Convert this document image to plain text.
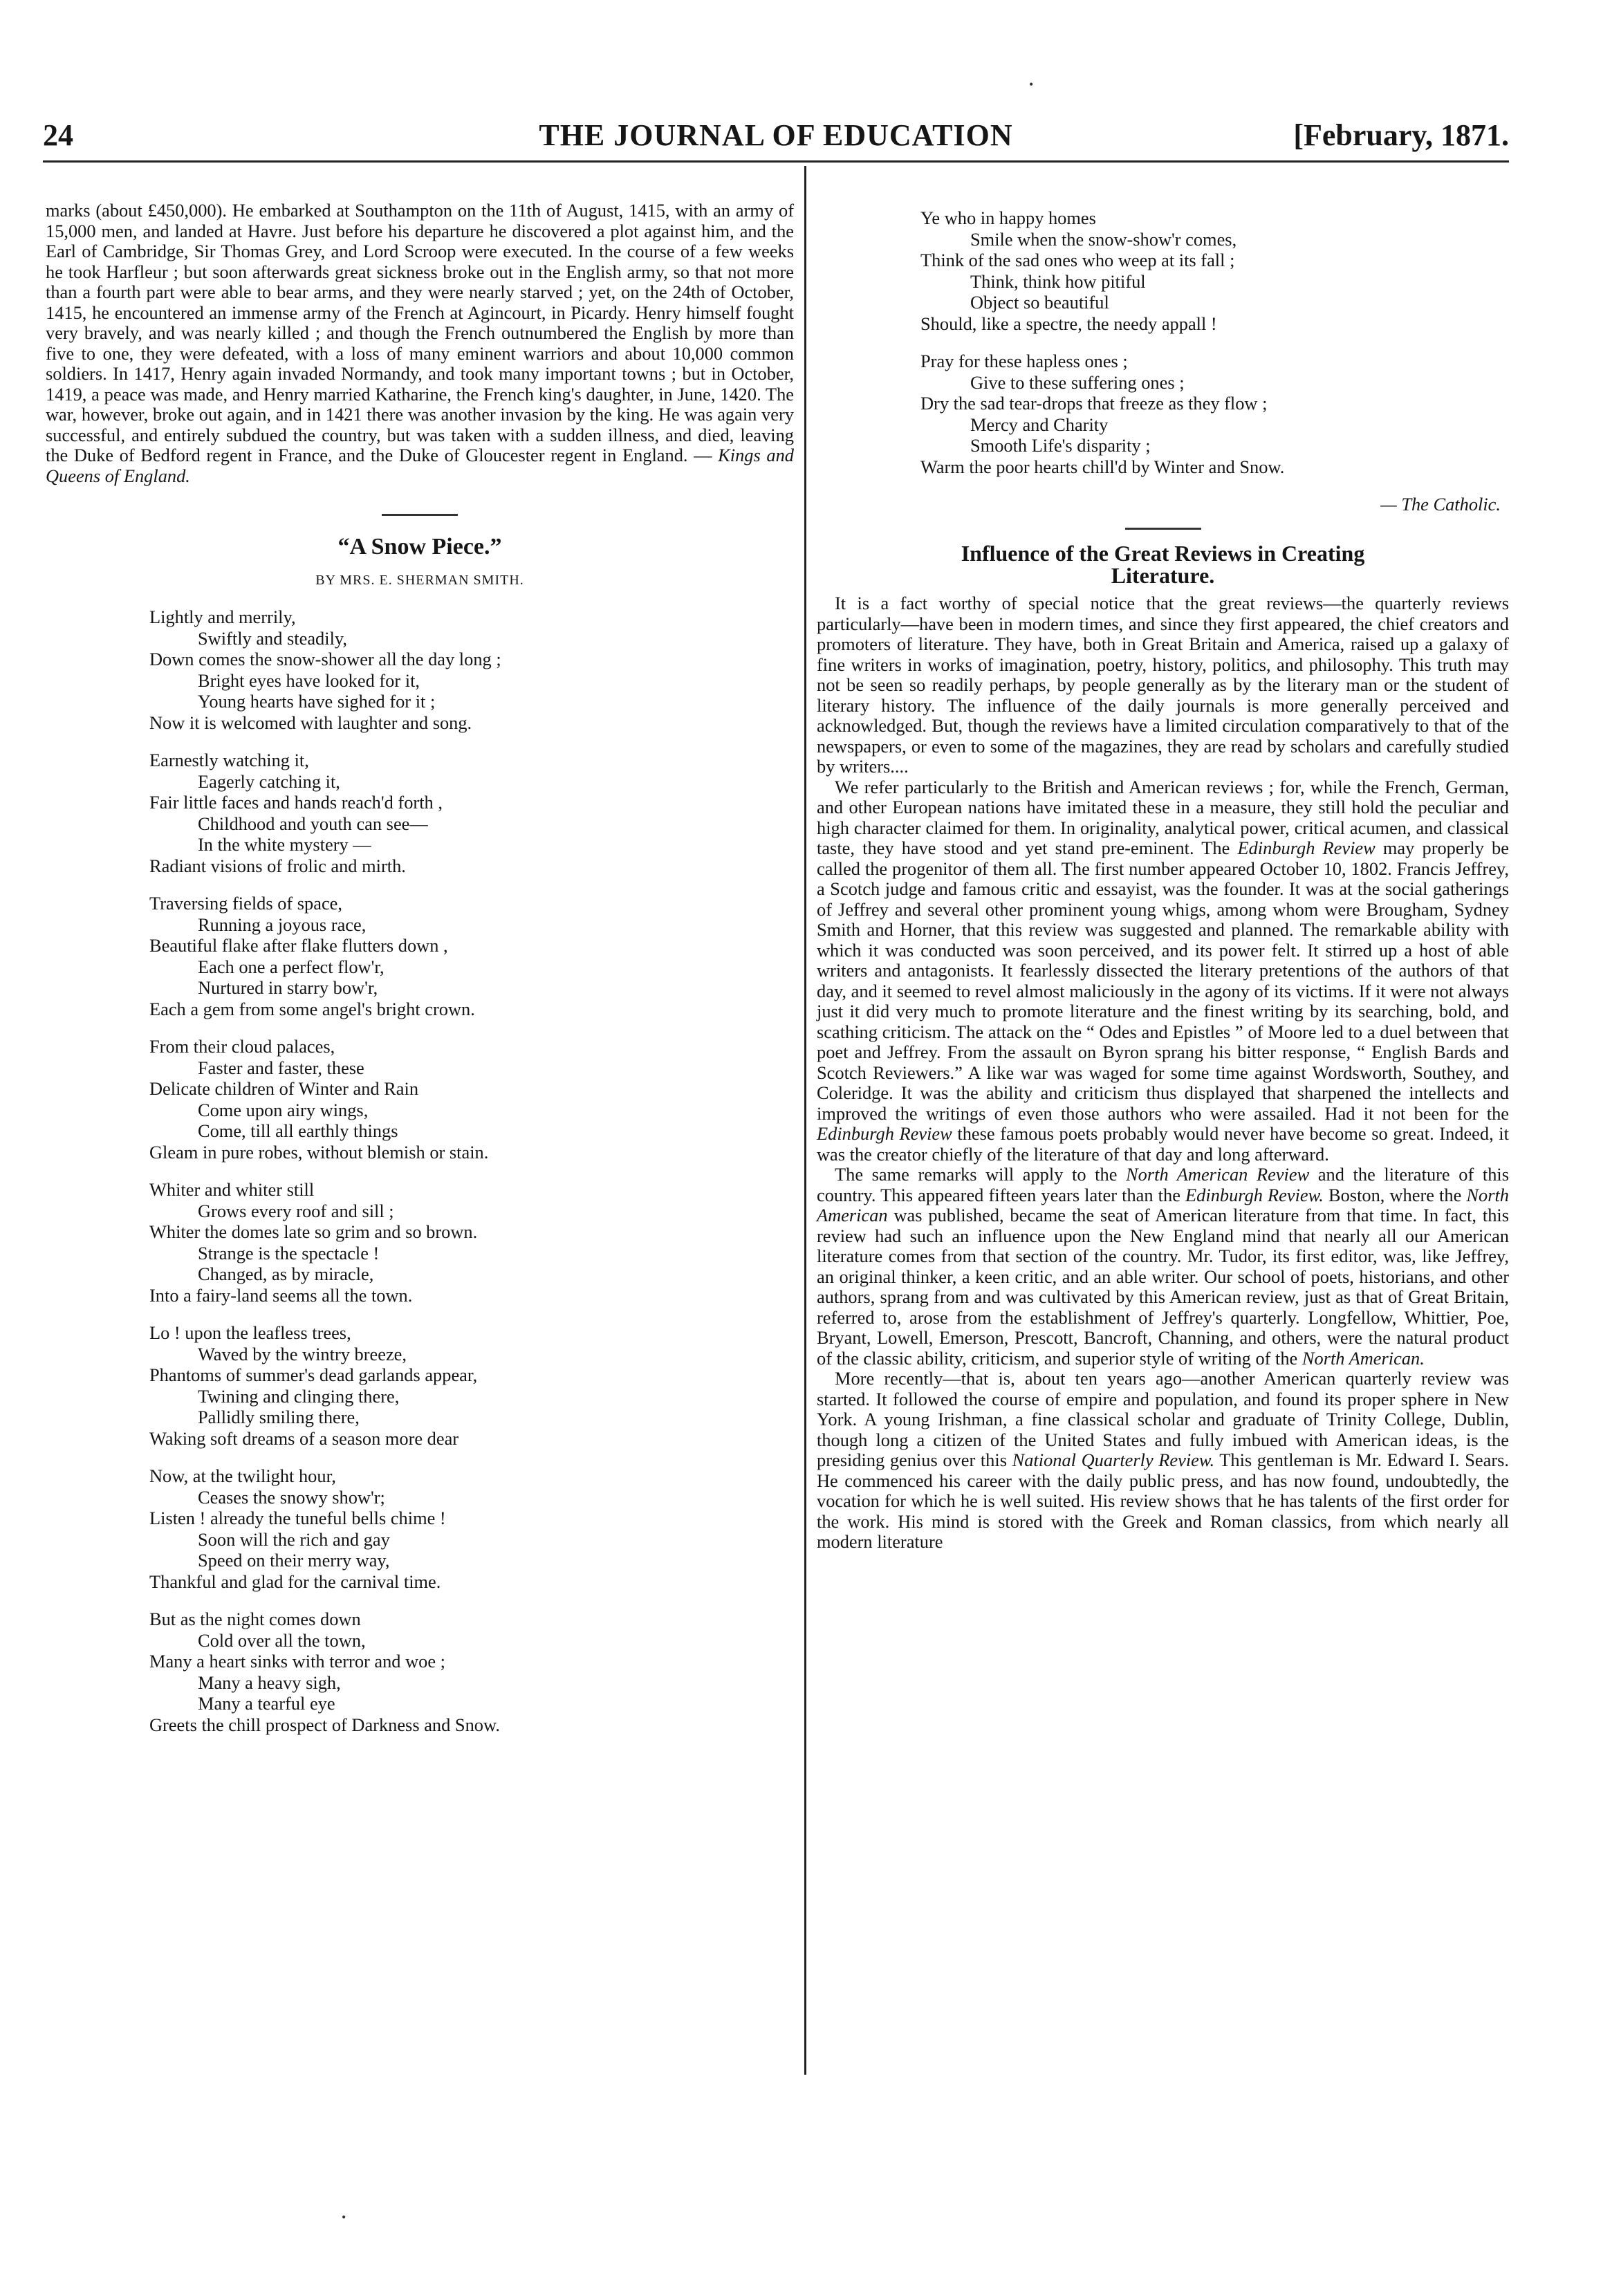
•
24	THE JOURNAL OF EDUCATION	[February, 1871.

marks (about £450,000). He embarked at Southampton on the 11th of August, 1415, with an army of 15,000 men, and landed at Havre. Just before his departure he discovered a plot against him, and the Earl of Cambridge, Sir Thomas Grey, and Lord Scroop were executed. In the course of a few weeks he took Harfleur ; but soon afterwards great sickness broke out in the English army, so that not more than a fourth part were able to bear arms, and they were nearly starved ; yet, on the 24th of October, 1415, he encountered an immense army of the French at Agincourt, in Picardy. Henry himself fought very bravely, and was nearly killed ; and though the French outnumbered the English by more than five to one, they were defeated, with a loss of many eminent warriors and about 10,000 common soldiers. In 1417, Henry again invaded Normandy, and took many important towns ; but in October, 1419, a peace was made, and Henry married Katharine, the French king's daughter, in June, 1420. The war, however, broke out again, and in 1421 there was another invasion by the king. He was again very successful, and entirely subdued the country, but was taken with a sudden illness, and died, leaving the Duke of Bedford regent in France, and the Duke of Gloucester regent in England. — Kings and Queens of England.

“A Snow Piece.”
BY MRS. E. SHERMAN SMITH.
Lightly and merrily,
Swiftly and steadily,
Down comes the snow-shower all the day long ;
Bright eyes have looked for it,
Young hearts have sighed for it ;
Now it is welcomed with laughter and song.
Earnestly watching it,
Eagerly catching it,
Fair little faces and hands reach'd forth ,
Childhood and youth can see—
In the white mystery —
Radiant visions of frolic and mirth.
Traversing fields of space,
Running a joyous race,
Beautiful flake after flake flutters down ,
Each one a perfect flow'r,
Nurtured in starry bow'r,
Each a gem from some angel's bright crown.
From their cloud palaces,
Faster and faster, these
Delicate children of Winter and Rain
Come upon airy wings,
Come, till all earthly things
Gleam in pure robes, without blemish or stain.
Whiter and whiter still
Grows every roof and sill ;
Whiter the domes late so grim and so brown.
Strange is the spectacle !
Changed, as by miracle,
Into a fairy-land seems all the town.
Lo ! upon the leafless trees,
Waved by the wintry breeze,
Phantoms of summer's dead garlands appear,
Twining and clinging there,
Pallidly smiling there,
Waking soft dreams of a season more dear
Now, at the twilight hour,
Ceases the snowy show'r;
Listen ! already the tuneful bells chime !
Soon will the rich and gay
Speed on their merry way,
Thankful and glad for the carnival time.
But as the night comes down
Cold over all the town,
Many a heart sinks with terror and woe ;
Many a heavy sigh,
Many a tearful eye
Greets the chill prospect of Darkness and Snow.
Ye who in happy homes
Smile when the snow-show'r comes,
Think of the sad ones who weep at its fall ;
Think, think how pitiful
Object so beautiful
Should, like a spectre, the needy appall !
Pray for these hapless ones ;
Give to these suffering ones ;
Dry the sad tear-drops that freeze as they flow ;
Mercy and Charity
Smooth Life's disparity ;
Warm the poor hearts chill'd by Winter and Snow.
— The Catholic.
Influence of the Great Reviews in Creating
Literature.

It is a fact worthy of special notice that the great reviews—the quarterly reviews particularly—have been in modern times, and since they first appeared, the chief creators and promoters of literature. They have, both in Great Britain and America, raised up a galaxy of fine writers in works of imagination, poetry, history, politics, and philosophy. This truth may not be seen so readily perhaps, by people generally as by the literary man or the student of literary history. The influence of the daily journals is more generally perceived and acknowledged. But, though the reviews have a limited circulation comparatively to that of the newspapers, or even to some of the magazines, they are read by scholars and carefully studied by writers....

We refer particularly to the British and American reviews ; for, while the French, German, and other European nations have imitated these in a measure, they still hold the peculiar and high character claimed for them. In originality, analytical power, critical acumen, and classical taste, they have stood and yet stand pre-eminent. The Edinburgh Review may properly be called the progenitor of them all. The first number appeared October 10, 1802. Francis Jeffrey, a Scotch judge and famous critic and essayist, was the founder. It was at the social gatherings of Jeffrey and several other prominent young whigs, among whom were Brougham, Sydney Smith and Horner, that this review was suggested and planned. The remarkable ability with which it was conducted was soon perceived, and its power felt. It stirred up a host of able writers and antagonists. It fearlessly dissected the literary pretentions of the authors of that day, and it seemed to revel almost maliciously in the agony of its victims. If it were not always just it did very much to promote literature and the finest writing by its searching, bold, and scathing criticism. The attack on the “ Odes and Epistles ” of Moore led to a duel between that poet and Jeffrey. From the assault on Byron sprang his bitter response, “ English Bards and Scotch Reviewers.” A like war was waged for some time against Wordsworth, Southey, and Coleridge. It was the ability and criticism thus displayed that sharpened the intellects and improved the writings of even those authors who were assailed. Had it not been for the Edinburgh Review these famous poets probably would never have become so great. Indeed, it was the creator chiefly of the literature of that day and long afterward.

The same remarks will apply to the North American Review and the literature of this country. This appeared fifteen years later than the Edinburgh Review. Boston, where the North American was published, became the seat of American literature from that time. In fact, this review had such an influence upon the New England mind that nearly all our American literature comes from that section of the country. Mr. Tudor, its first editor, was, like Jeffrey, an original thinker, a keen critic, and an able writer. Our school of poets, historians, and other authors, sprang from and was cultivated by this American review, just as that of Great Britain, referred to, arose from the establishment of Jeffrey's quarterly. Longfellow, Whittier, Poe, Bryant, Lowell, Emerson, Prescott, Bancroft, Channing, and others, were the natural product of the classic ability, criticism, and superior style of writing of the North American.

More recently—that is, about ten years ago—another American quarterly review was started. It followed the course of empire and population, and found its proper sphere in New York. A young Irishman, a fine classical scholar and graduate of Trinity College, Dublin, though long a citizen of the United States and fully imbued with American ideas, is the presiding genius over this National Quarterly Review. This gentleman is Mr. Edward I. Sears. He commenced his career with the daily public press, and has now found, undoubtedly, the vocation for which he is well suited. His review shows that he has talents of the first order for the work. His mind is stored with the Greek and Roman classics, from which nearly all modern literature

•
